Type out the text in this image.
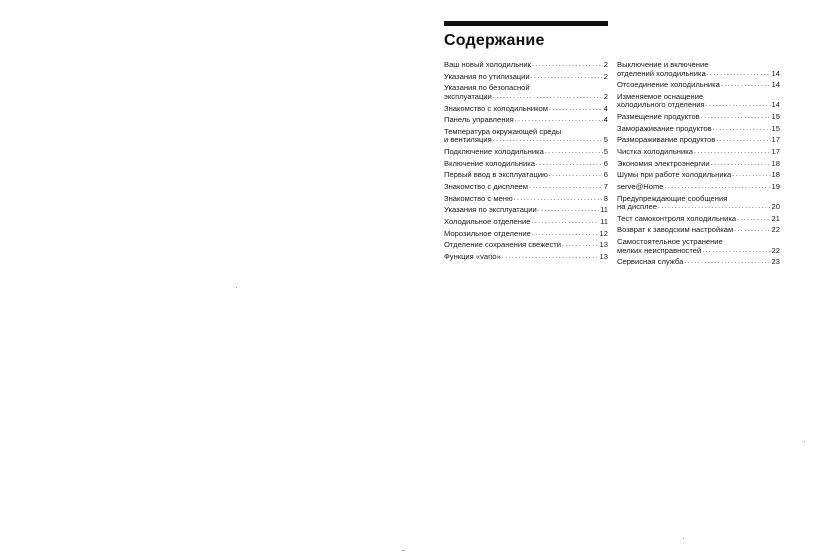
Содержание
Ваш новый холодильник .....	2
Указания по утилизации .....	2
Указания по безопасной
эксплуатации .....	2
Знакомство с холодильником .....	4
Панель управления .....	4
Температура окружающей среды
и вентиляция .....	5
Подключение холодильника .....	5
Включение холодильника .....	6
Первый ввод в эксплуатацию .....	6
Знакомство с дисплеем .....	7
Знакомство с меню .....	8
Указания по эксплуатации .....	11
Холодильное отделение .....	11
Морозильное отделение .....	12
Отделение сохранения свежести .....	13
Функция «vario» .....	13
Выключение и включение
отделений холодильника .....	14
Отсоединение холодильника .....	14
Изменяемое оснащение
холодильного отделения .....	14
Размещение продуктов .....	15
Замораживание продуктов .....	15
Размораживание продуктов .....	17
Чистка холодильника .....	17
Экономия электроэнергии .....	18
Шумы при работе холодильника .....	18
serve@Home .....	19
Предупреждающие сообщения
на дисплее .....	20
Тест самоконтроля холодильника .....	21
Возврат к заводским настройкам .....	22
Самостоятельное устранение
мелких неисправностей .....	22
Сервисная служба .....	23
